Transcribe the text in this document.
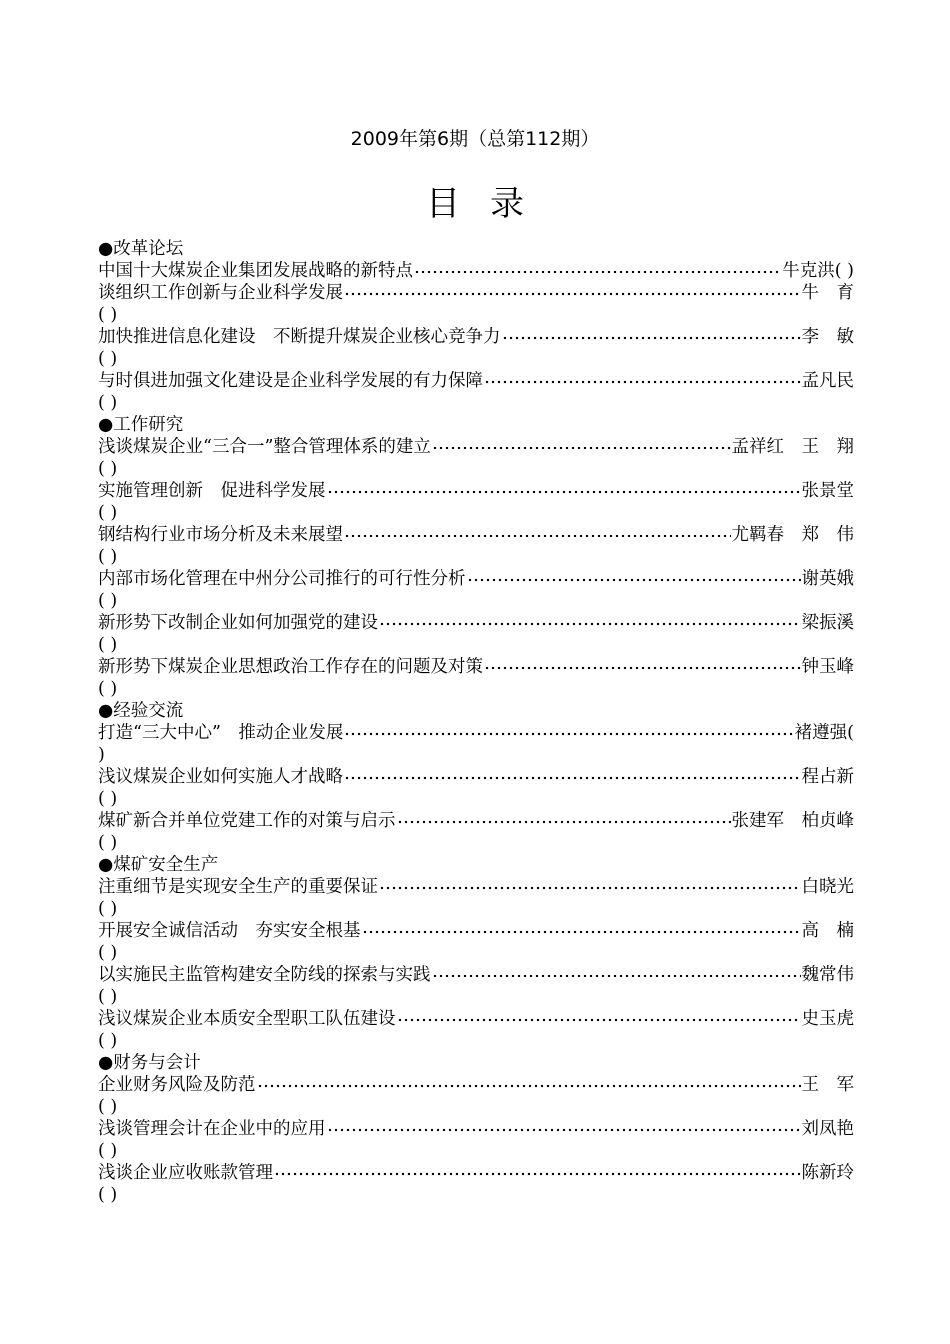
2009年第6期（总第112期）
目录
●改革论坛
中国十大煤炭企业集团发展战略的新特点	牛克洪( )
谈组织工作创新与企业科学发展	牛　育
( )
加快推进信息化建设　不断提升煤炭企业核心竞争力	李　敏
( )
与时俱进加强文化建设是企业科学发展的有力保障	孟凡民
( )
●工作研究
浅谈煤炭企业“三合一”整合管理体系的建立	孟祥红　王　翔
( )
实施管理创新　促进科学发展	张景堂
( )
钢结构行业市场分析及未来展望	尤羁春　郑　伟
( )
内部市场化管理在中州分公司推行的可行性分析	谢英娥
( )
新形势下改制企业如何加强党的建设	梁振溪
( )
新形势下煤炭企业思想政治工作存在的问题及对策	钟玉峰
( )
●经验交流
打造“三大中心”　推动企业发展	褚遵强(
)
浅议煤炭企业如何实施人才战略	程占新
( )
煤矿新合并单位党建工作的对策与启示	张建军　柏贞峰
( )
●煤矿安全生产
注重细节是实现安全生产的重要保证	白晓光
( )
开展安全诚信活动　夯实安全根基	高　楠
( )
以实施民主监管构建安全防线的探索与实践	魏常伟
( )
浅议煤炭企业本质安全型职工队伍建设	史玉虎
( )
●财务与会计
企业财务风险及防范	王　军
( )
浅谈管理会计在企业中的应用	刘凤艳
( )
浅谈企业应收账款管理	陈新玲
( )
